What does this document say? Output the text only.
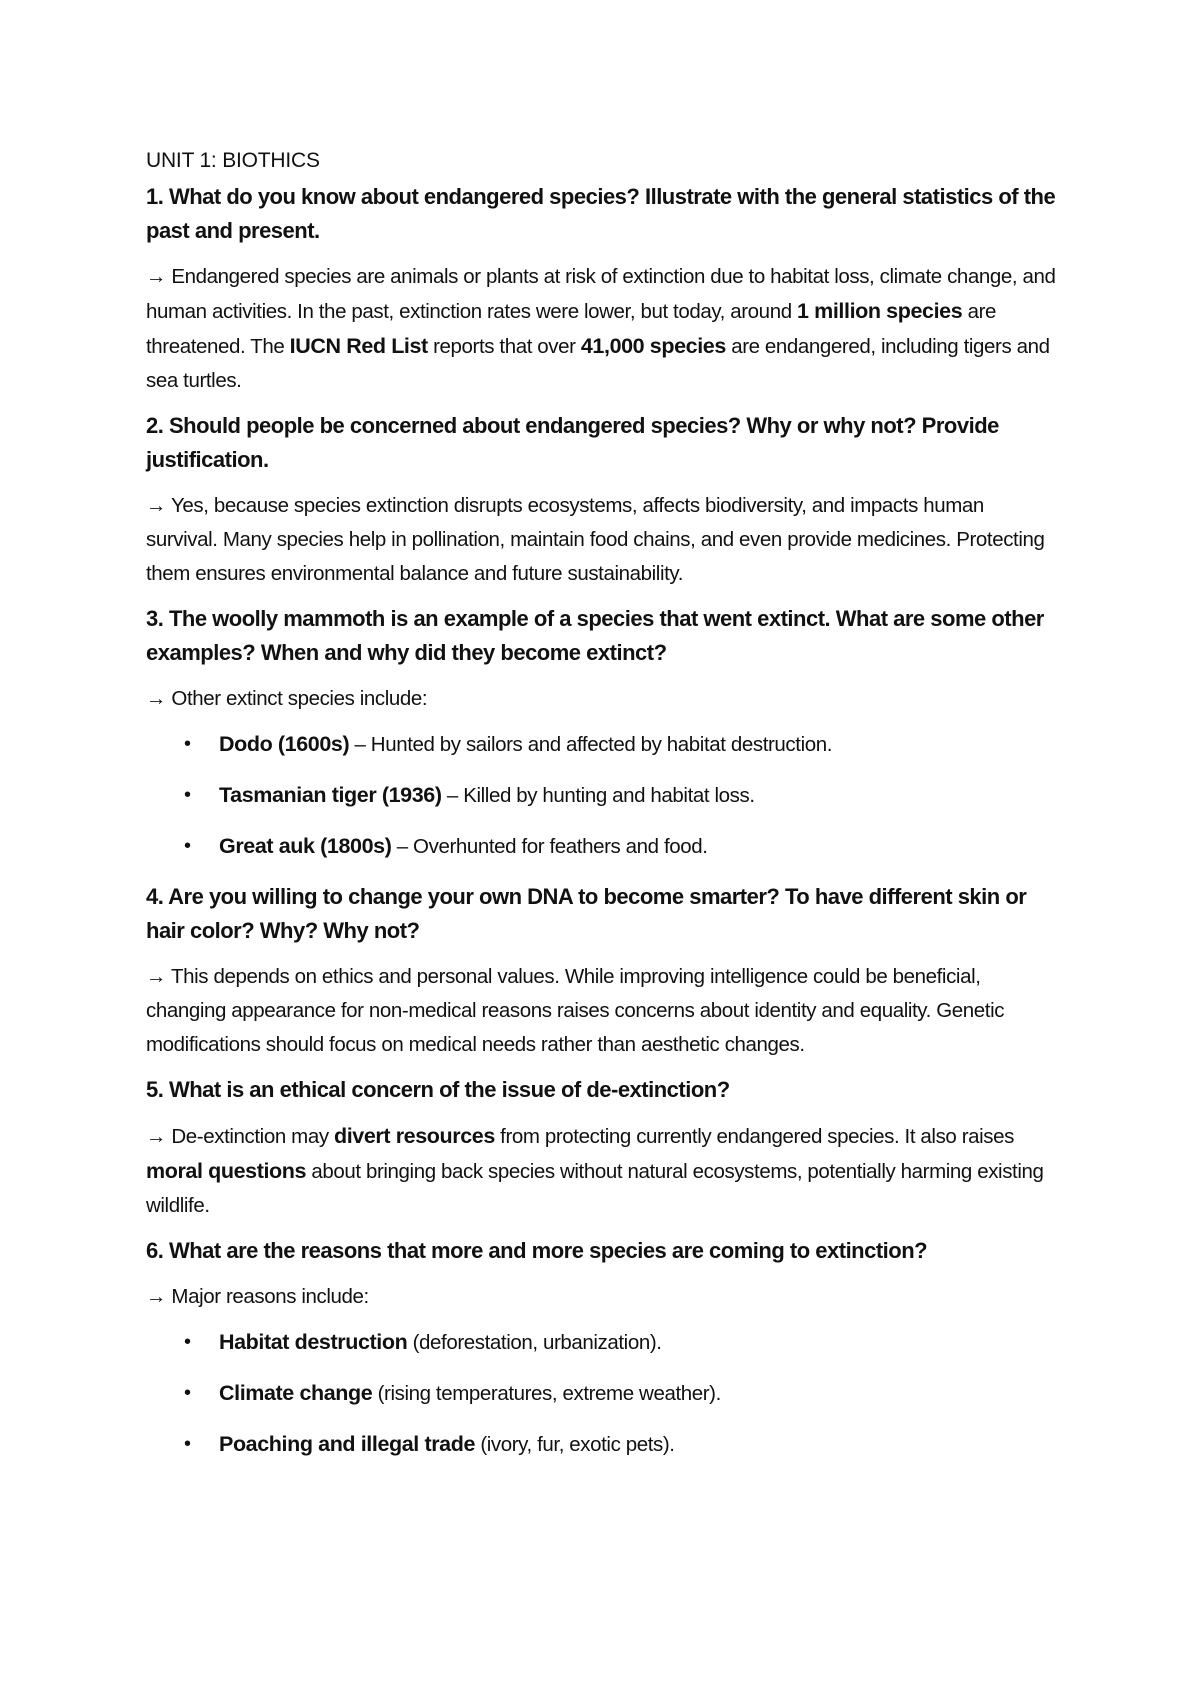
UNIT 1: BIOTHICS

1. What do you know about endangered species? Illustrate with the general statistics of the past and present.

→ Endangered species are animals or plants at risk of extinction due to habitat loss, climate change, and human activities. In the past, extinction rates were lower, but today, around 1 million species are threatened. The IUCN Red List reports that over 41,000 species are endangered, including tigers and sea turtles.

2. Should people be concerned about endangered species? Why or why not? Provide justification.

→ Yes, because species extinction disrupts ecosystems, affects biodiversity, and impacts human survival. Many species help in pollination, maintain food chains, and even provide medicines. Protecting them ensures environmental balance and future sustainability.

3. The woolly mammoth is an example of a species that went extinct. What are some other examples? When and why did they become extinct?

→ Other extinct species include:

• Dodo (1600s) – Hunted by sailors and affected by habitat destruction.
• Tasmanian tiger (1936) – Killed by hunting and habitat loss.
• Great auk (1800s) – Overhunted for feathers and food.

4. Are you willing to change your own DNA to become smarter? To have different skin or hair color? Why? Why not?

→ This depends on ethics and personal values. While improving intelligence could be beneficial, changing appearance for non-medical reasons raises concerns about identity and equality. Genetic modifications should focus on medical needs rather than aesthetic changes.

5. What is an ethical concern of the issue of de-extinction?

→ De-extinction may divert resources from protecting currently endangered species. It also raises moral questions about bringing back species without natural ecosystems, potentially harming existing wildlife.

6. What are the reasons that more and more species are coming to extinction?

→ Major reasons include:

• Habitat destruction (deforestation, urbanization).
• Climate change (rising temperatures, extreme weather).
• Poaching and illegal trade (ivory, fur, exotic pets).
